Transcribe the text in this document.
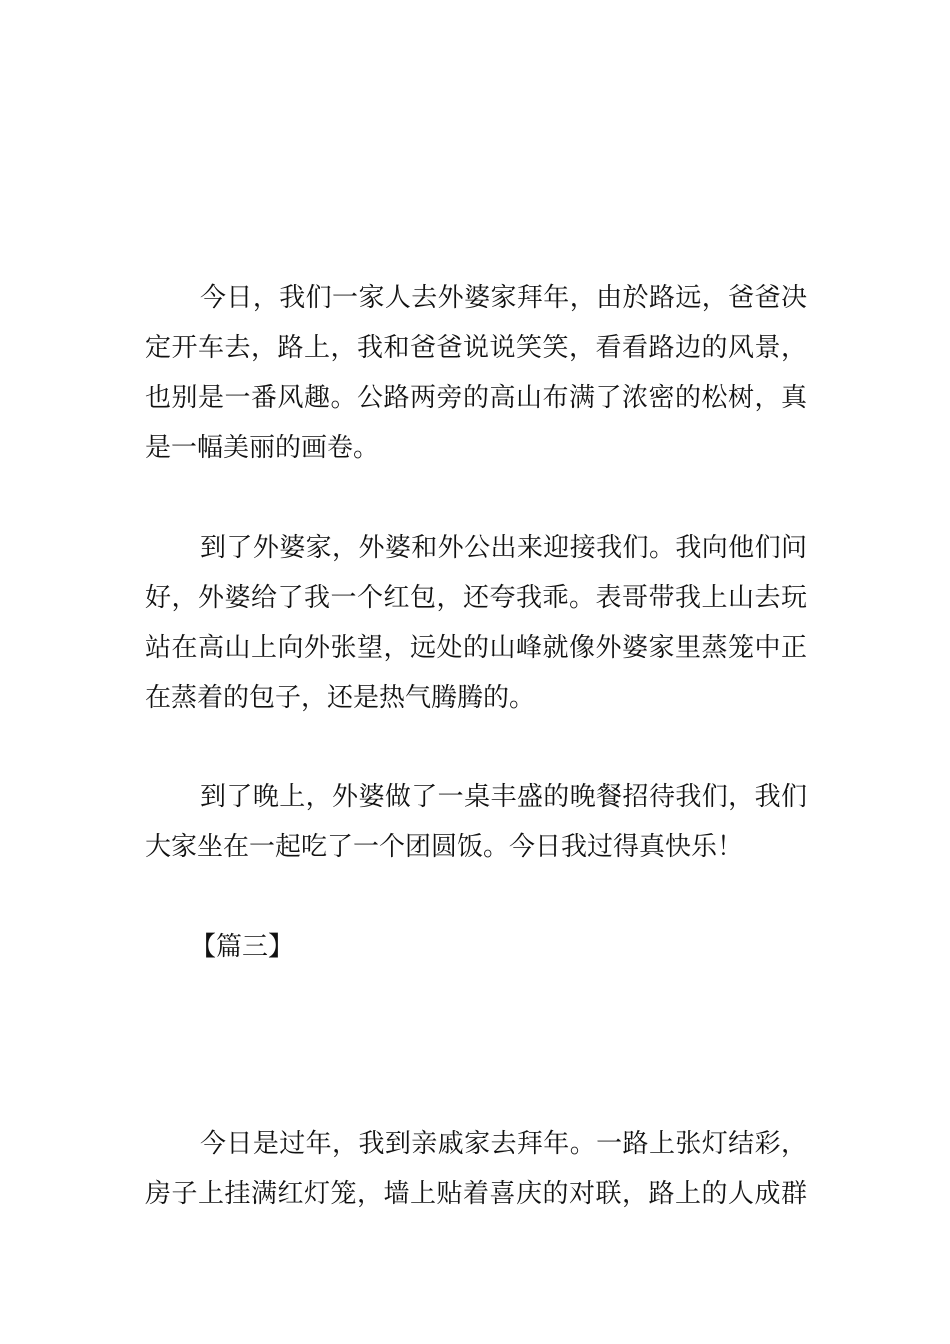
今日，我们一家人去外婆家拜年，由於路远，爸爸决
定开车去，路上，我和爸爸说说笑笑，看看路边的风景，
也别是一番风趣。公路两旁的高山布满了浓密的松树，真
是一幅美丽的画卷。
到了外婆家，外婆和外公出来迎接我们。我向他们问
好，外婆给了我一个红包，还夸我乖。表哥带我上山去玩
站在高山上向外张望，远处的山峰就像外婆家里蒸笼中正
在蒸着的包子，还是热气腾腾的。
到了晚上，外婆做了一桌丰盛的晚餐招待我们，我们
大家坐在一起吃了一个团圆饭。今日我过得真快乐！
【篇三】
今日是过年，我到亲戚家去拜年。一路上张灯结彩，
房子上挂满红灯笼，墙上贴着喜庆的对联，路上的人成群
